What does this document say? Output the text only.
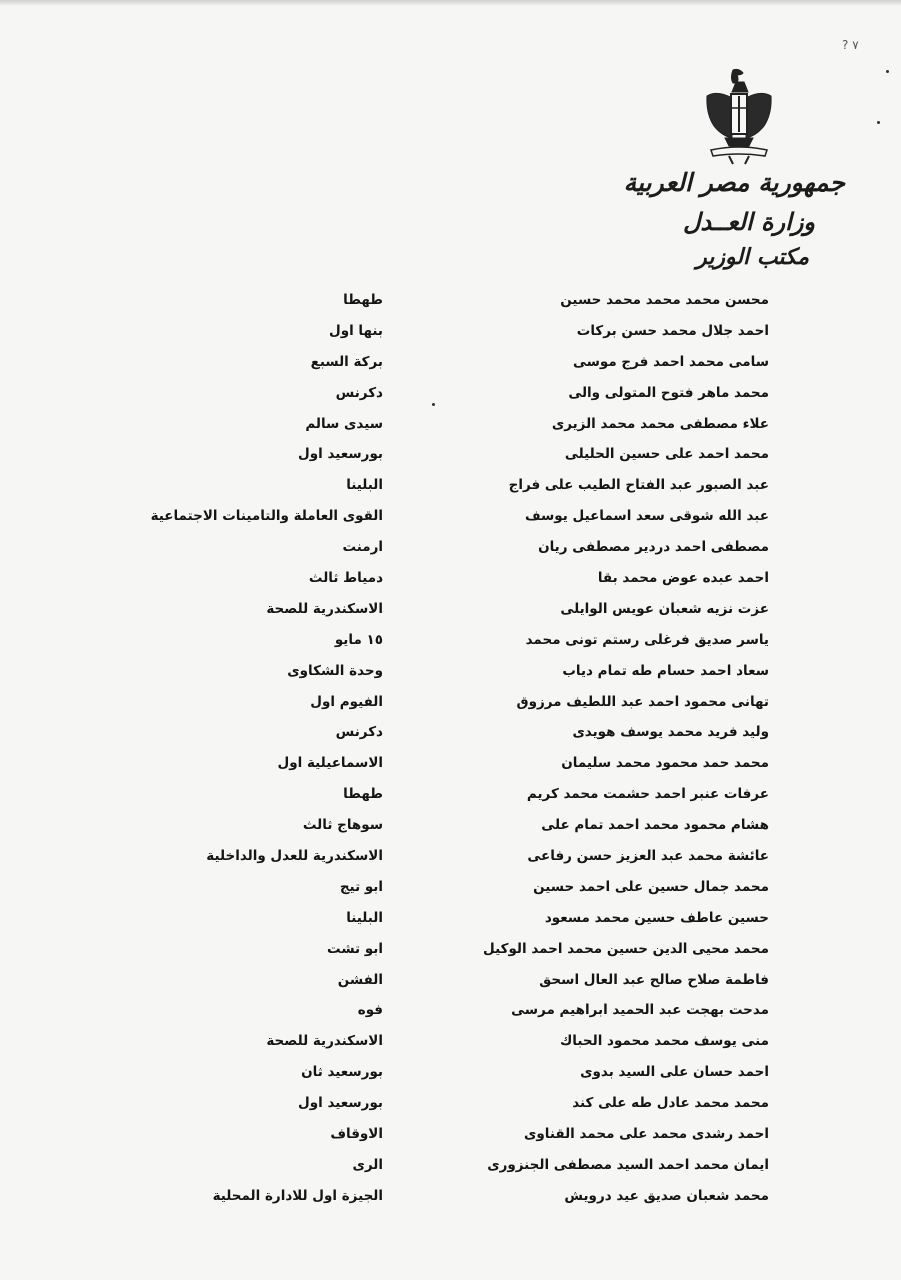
? ٧
جمهورية مصر العربية
وزارة العــدل
مكتب الوزير
محسن محمد محمد محمد حسين
طهطا
احمد جلال محمد حسن بركات
بنها اول
سامى محمد احمد فرج موسى
بركة السبع
محمد ماهر فتوح المتولى والى
دكرنس
علاء مصطفى محمد محمد الزيرى
سيدى سالم
محمد احمد على حسين الحليلى
بورسعيد اول
عبد الصبور عبد الفتاح الطيب على فراج
البلينا
عبد الله شوقى سعد اسماعيل يوسف
القوى العاملة والتامينات الاجتماعية
مصطفى احمد دردير مصطفى ريان
ارمنت
احمد عبده عوض محمد بقا
دمياط ثالث
عزت نزيه شعبان عويس الوايلى
الاسكندرية للصحة
ياسر صديق فرغلى رستم تونى محمد
١٥ مايو
سعاد احمد حسام طه تمام دياب
وحدة الشكاوى
تهانى محمود احمد عبد اللطيف مرزوق
الفيوم اول
وليد فريد محمد يوسف هويدى
دكرنس
محمد حمد محمود محمد سليمان
الاسماعيلية اول
عرفات عنبر احمد حشمت محمد كريم
طهطا
هشام محمود محمد احمد تمام على
سوهاج ثالث
عائشة محمد عبد العزيز حسن رفاعى
الاسكندرية للعدل والداخلية
محمد جمال حسين على احمد حسين
ابو تيج
حسين عاطف حسين محمد مسعود
البلينا
محمد محيى الدين حسين محمد احمد الوكيل
ابو تشت
فاطمة صلاح صالح عبد العال اسحق
الفشن
مدحت بهجت عبد الحميد ابراهيم مرسى
فوه
منى يوسف محمد محمود الحباك
الاسكندرية للصحة
احمد حسان على السيد بدوى
بورسعيد ثان
محمد محمد عادل طه على كند
بورسعيد اول
احمد رشدى محمد على محمد القناوى
الاوقاف
ايمان محمد احمد السيد مصطفى الجنزورى
الرى
محمد شعبان صديق عيد درويش
الجيزة اول للادارة المحلية
